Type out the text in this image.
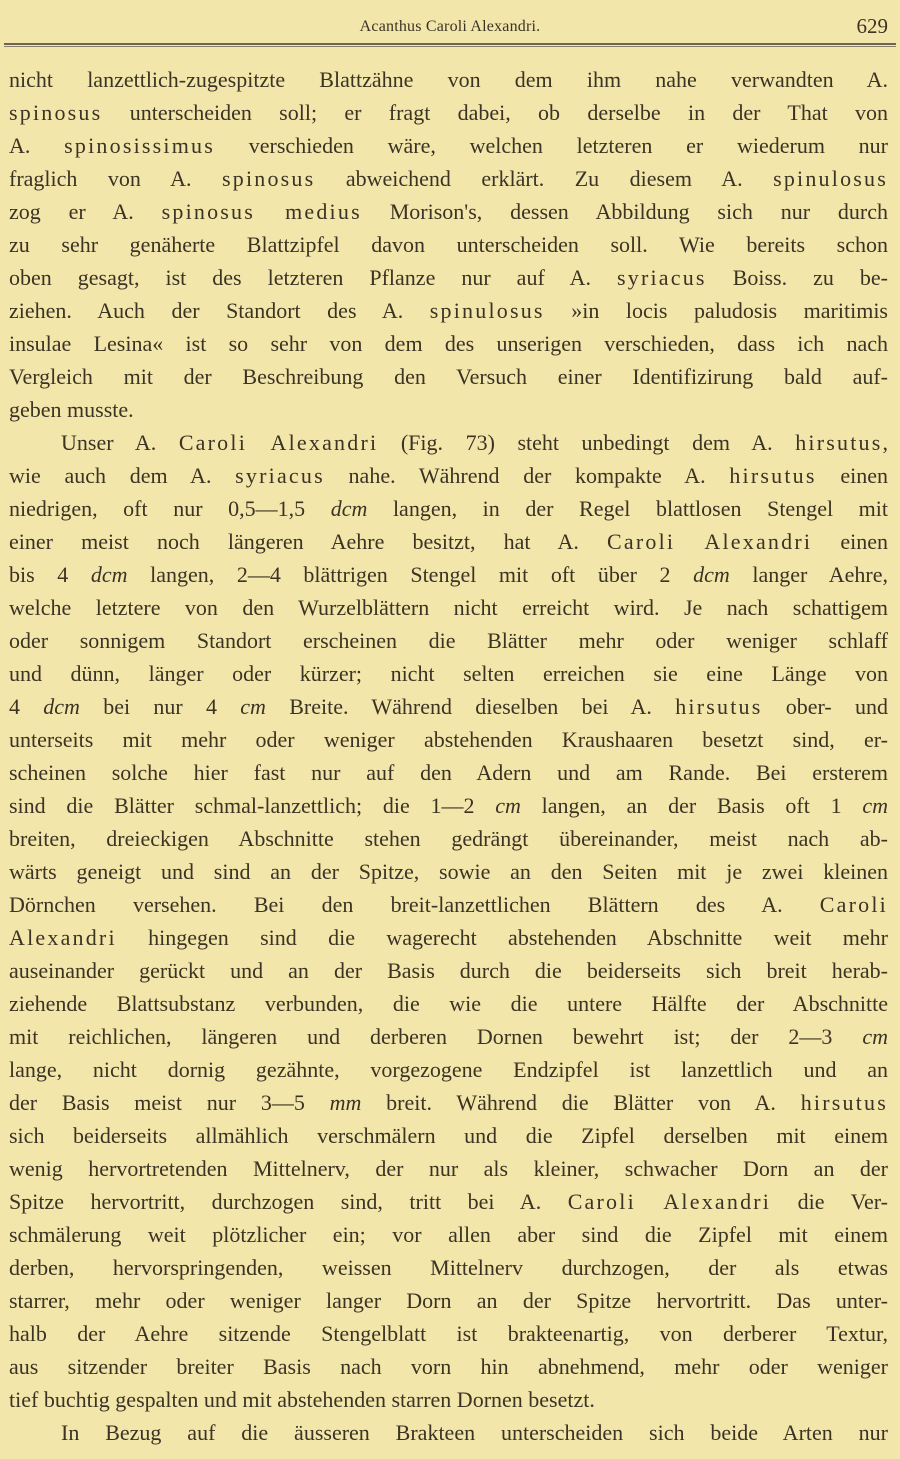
Acanthus Caroli Alexandri.	629
nicht lanzettlich-zugespitzte Blattzähne von dem ihm nahe verwandten A.
spinosus unterscheiden soll; er fragt dabei, ob derselbe in der That von
A. spinosissimus verschieden wäre, welchen letzteren er wiederum nur
fraglich von A. spinosus abweichend erklärt. Zu diesem A. spinulosus
zog er A. spinosus medius Morison's, dessen Abbildung sich nur durch
zu sehr genäherte Blattzipfel davon unterscheiden soll. Wie bereits schon
oben gesagt, ist des letzteren Pflanze nur auf A. syriacus Boiss. zu be-
ziehen. Auch der Standort des A. spinulosus »in locis paludosis maritimis
insulae Lesina« ist so sehr von dem des unserigen verschieden, dass ich nach
Vergleich mit der Beschreibung den Versuch einer Identifizirung bald auf-
geben musste.
Unser A. Caroli Alexandri (Fig. 73) steht unbedingt dem A. hirsutus,
wie auch dem A. syriacus nahe. Während der kompakte A. hirsutus einen
niedrigen, oft nur 0,5—1,5 dcm langen, in der Regel blattlosen Stengel mit
einer meist noch längeren Aehre besitzt, hat A. Caroli Alexandri einen
bis 4 dcm langen, 2—4 blättrigen Stengel mit oft über 2 dcm langer Aehre,
welche letztere von den Wurzelblättern nicht erreicht wird. Je nach schattigem
oder sonnigem Standort erscheinen die Blätter mehr oder weniger schlaff
und dünn, länger oder kürzer; nicht selten erreichen sie eine Länge von
4 dcm bei nur 4 cm Breite. Während dieselben bei A. hirsutus ober- und
unterseits mit mehr oder weniger abstehenden Kraushaaren besetzt sind, er-
scheinen solche hier fast nur auf den Adern und am Rande. Bei ersterem
sind die Blätter schmal-lanzettlich; die 1—2 cm langen, an der Basis oft 1 cm
breiten, dreieckigen Abschnitte stehen gedrängt übereinander, meist nach ab-
wärts geneigt und sind an der Spitze, sowie an den Seiten mit je zwei kleinen
Dörnchen versehen. Bei den breit-lanzettlichen Blättern des A. Caroli
Alexandri hingegen sind die wagerecht abstehenden Abschnitte weit mehr
auseinander gerückt und an der Basis durch die beiderseits sich breit herab-
ziehende Blattsubstanz verbunden, die wie die untere Hälfte der Abschnitte
mit reichlichen, längeren und derberen Dornen bewehrt ist; der 2—3 cm
lange, nicht dornig gezähnte, vorgezogene Endzipfel ist lanzettlich und an
der Basis meist nur 3—5 mm breit. Während die Blätter von A. hirsutus
sich beiderseits allmählich verschmälern und die Zipfel derselben mit einem
wenig hervortretenden Mittelnerv, der nur als kleiner, schwacher Dorn an der
Spitze hervortritt, durchzogen sind, tritt bei A. Caroli Alexandri die Ver-
schmälerung weit plötzlicher ein; vor allen aber sind die Zipfel mit einem
derben, hervorspringenden, weissen Mittelnerv durchzogen, der als etwas
starrer, mehr oder weniger langer Dorn an der Spitze hervortritt. Das unter-
halb der Aehre sitzende Stengelblatt ist brakteenartig, von derberer Textur,
aus sitzender breiter Basis nach vorn hin abnehmend, mehr oder weniger
tief buchtig gespalten und mit abstehenden starren Dornen besetzt.
In Bezug auf die äusseren Brakteen unterscheiden sich beide Arten nur
